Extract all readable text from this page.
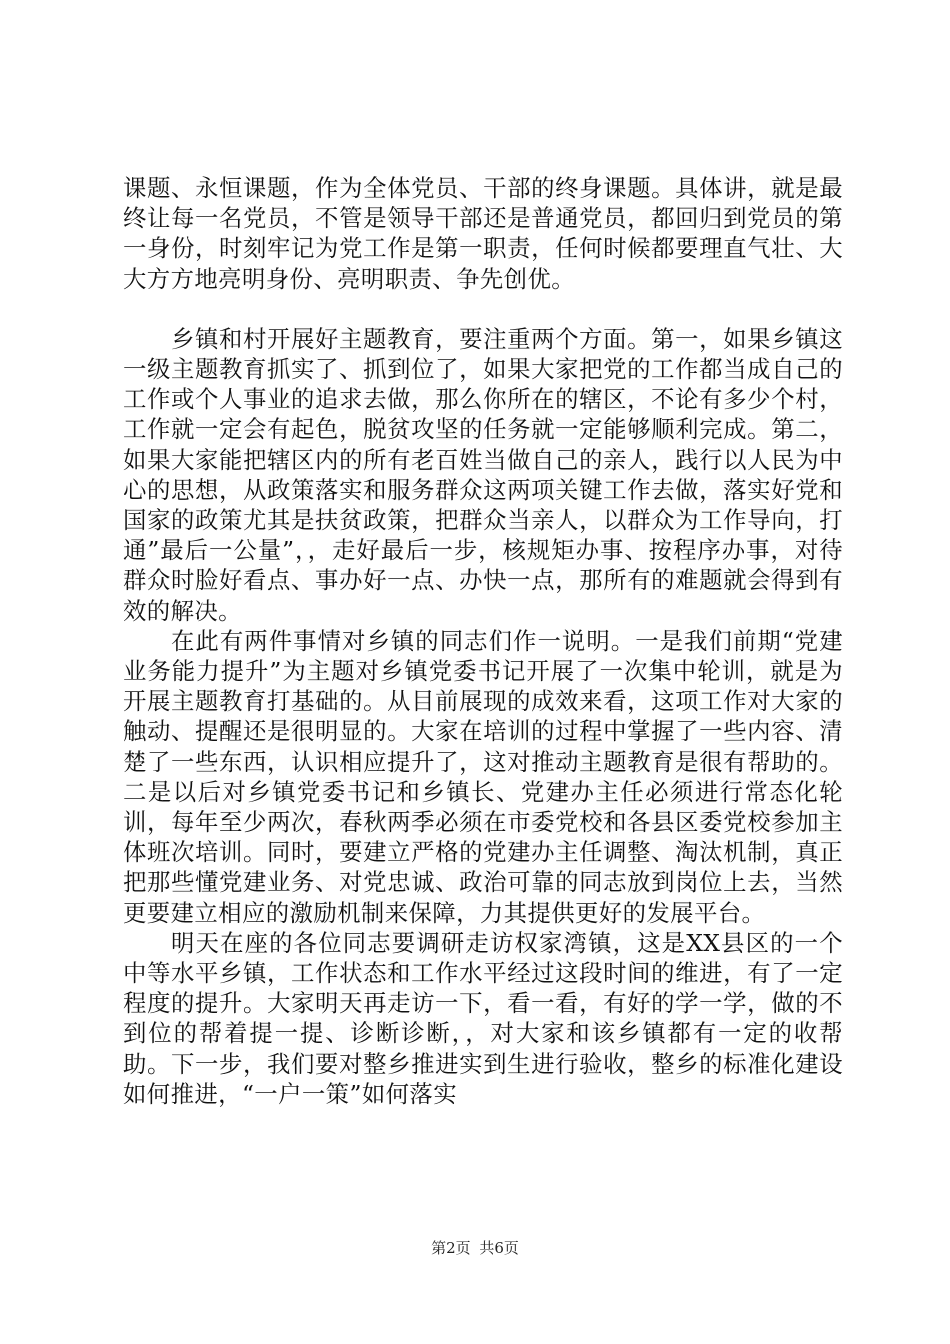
课题、永恒课题，作为全体党员、干部的终身课题。具体讲，就是最终让每一名党员，不管是领导干部还是普通党员，都回归到党员的第一身份，时刻牢记为党工作是第一职责，任何时候都要理直气壮、大大方方地亮明身份、亮明职责、争先创优。

乡镇和村开展好主题教育，要注重两个方面。第一，如果乡镇这一级主题教育抓实了、抓到位了，如果大家把党的工作都当成自己的工作或个人事业的追求去做，那么你所在的辖区，不论有多少个村，工作就一定会有起色，脱贫攻坚的任务就一定能够顺利完成。第二，如果大家能把辖区内的所有老百姓当做自己的亲人，践行以人民为中心的思想，从政策落实和服务群众这两项关键工作去做，落实好党和国家的政策尤其是扶贫政策，把群众当亲人，以群众为工作导向，打通”最后一公量”，，走好最后一步，核规矩办事、按程序办事，对待群众时脸好看点、事办好一点、办快一点，那所有的难题就会得到有效的解决。

在此有两件事情对乡镇的同志们作一说明。一是我们前期“党建业务能力提升”为主题对乡镇党委书记开展了一次集中轮训，就是为开展主题教育打基础的。从目前展现的成效来看，这项工作对大家的触动、提醒还是很明显的。大家在培训的过程中掌握了一些内容、清楚了一些东西，认识相应提升了，这对推动主题教育是很有帮助的。二是以后对乡镇党委书记和乡镇长、党建办主任必须进行常态化轮训，每年至少两次，春秋两季必须在市委党校和各县区委党校参加主体班次培训。同时，要建立严格的党建办主任调整、淘汰机制，真正把那些懂党建业务、对党忠诚、政治可靠的同志放到岗位上去，当然更要建立相应的激励机制来保障，力其提供更好的发展平台。

明天在座的各位同志要调研走访权家湾镇，这是XX县区的一个中等水平乡镇，工作状态和工作水平经过这段时间的维进，有了一定程度的提升。大家明天再走访一下，看一看，有好的学一学，做的不到位的帮着提一提、诊断诊断，，对大家和该乡镇都有一定的收帮助。下一步，我们要对整乡推进实到生进行验收，整乡的标准化建设如何推进，“一户一策”如何落实

第2页 共6页
